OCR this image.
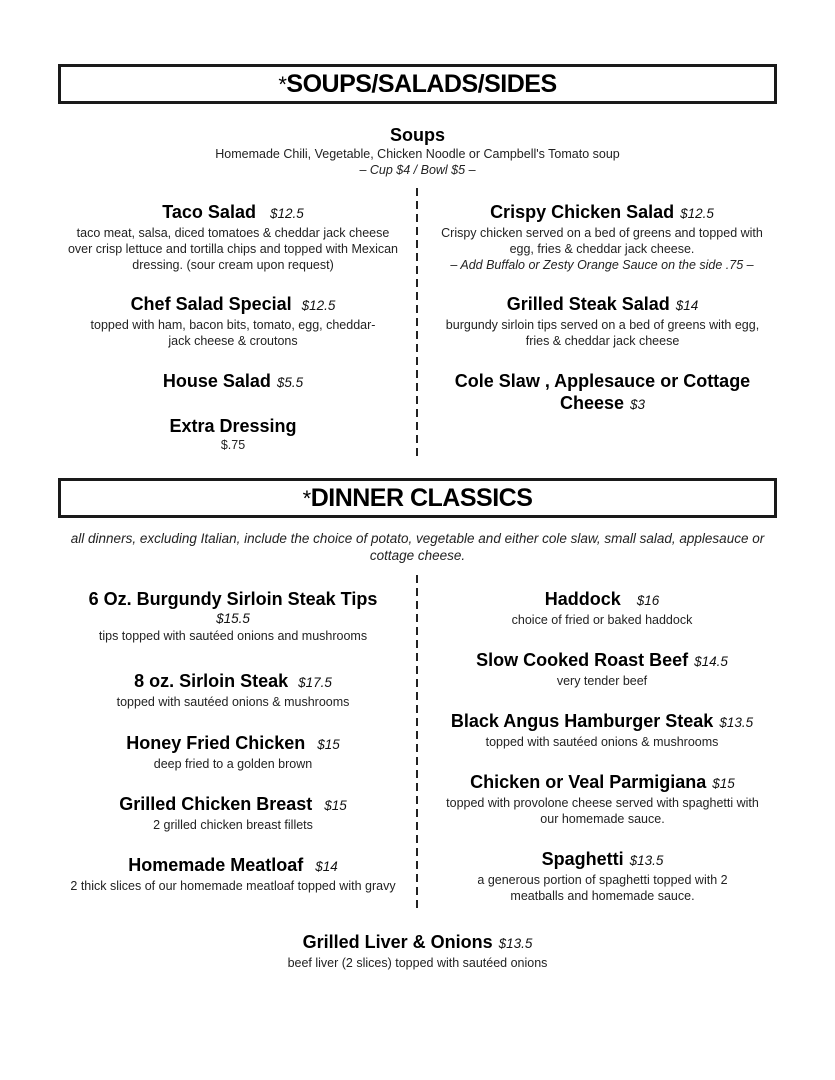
*SOUPS/SALADS/SIDES
Soups
Homemade Chili, Vegetable, Chicken Noodle or Campbell's Tomato soup
– Cup $4 / Bowl $5 –
Taco Salad $12.5
taco meat, salsa, diced tomatoes & cheddar jack cheese over crisp lettuce and tortilla chips and topped with Mexican dressing. (sour cream upon request)
Chef Salad Special $12.5
topped with ham, bacon bits, tomato, egg, cheddar-jack cheese & croutons
House Salad $5.5
Extra Dressing
$.75
Crispy Chicken Salad $12.5
Crispy chicken served on a bed of greens and topped with egg, fries & cheddar jack cheese.
– Add Buffalo or Zesty Orange Sauce on the side .75 –
Grilled Steak Salad $14
burgundy sirloin tips served on a bed of greens with egg, fries & cheddar jack cheese
Cole Slaw , Applesauce or Cottage Cheese $3
*DINNER CLASSICS
all dinners, excluding Italian, include the choice of potato, vegetable and either cole slaw, small salad, applesauce or cottage cheese.
6 Oz. Burgundy Sirloin Steak Tips
$15.5
tips topped with sautéed onions and mushrooms
8 oz. Sirloin Steak $17.5
topped with sautéed onions & mushrooms
Honey Fried Chicken $15
deep fried to a golden brown
Grilled Chicken Breast $15
2 grilled chicken breast fillets
Homemade Meatloaf $14
2 thick slices of our homemade meatloaf topped with gravy
Haddock $16
choice of fried or baked haddock
Slow Cooked Roast Beef $14.5
very tender beef
Black Angus Hamburger Steak $13.5
topped with sautéed onions & mushrooms
Chicken or Veal Parmigiana $15
topped with provolone cheese served with spaghetti with our homemade sauce.
Spaghetti $13.5
a generous portion of spaghetti topped with 2 meatballs and homemade sauce.
Grilled Liver & Onions $13.5
beef liver (2 slices) topped with sautéed onions
